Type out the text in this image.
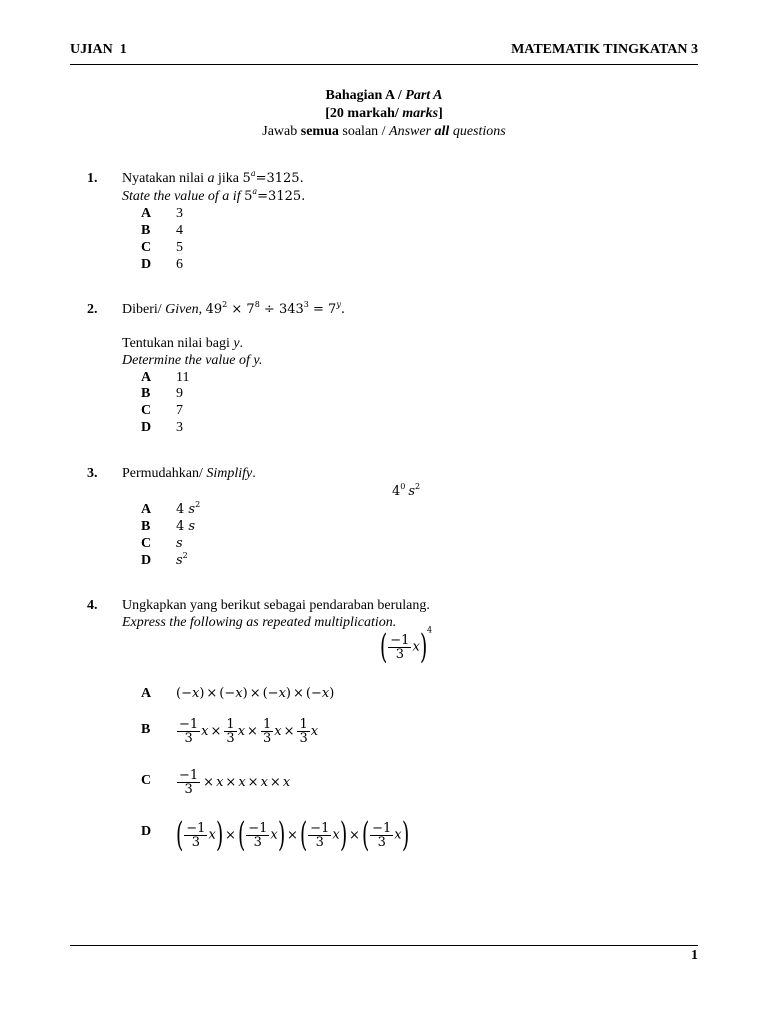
UJIAN  1	MATEMATIK TINGKATAN 3
Bahagian A / Part A
[20 markah/ marks]
Jawab semua soalan / Answer all questions
1. Nyatakan nilai a jika $5^a=3125$.
State the value of a if $5^a=3125$.
A 3
B 4
C 5
D 6
2. Diberi/ Given, $49^2 \times 7^8 \div 343^3 = 7^y$.
Tentukan nilai bagi y.
Determine the value of y.
A 11
B 9
C 7
D 3
3. Permudahkan/ Simplify.
$4^0$ $s^2$
A 4 $s^2$
B 4 s
C s
D $s^2$
4. Ungkapkan yang berikut sebagai pendaraban berulang.
Express the following as repeated multiplication.
( $\frac{-1}{3} x)^4$
A (−x) × (−x) × (−x) × (−x)
B $\frac{-1}{3}$ $x \times \frac{1}{3}$ $x \times \frac{1}{3}$ $x \times \frac{1}{3}$ x
C $\frac{-1}{3} \times x \times x \times x \times x$
D ( $\frac{-1}{3} x$) ×( $\frac{-1}{3} x$) ×( $\frac{-1}{3} x$) ×( $\frac{-1}{3} x$)
1
